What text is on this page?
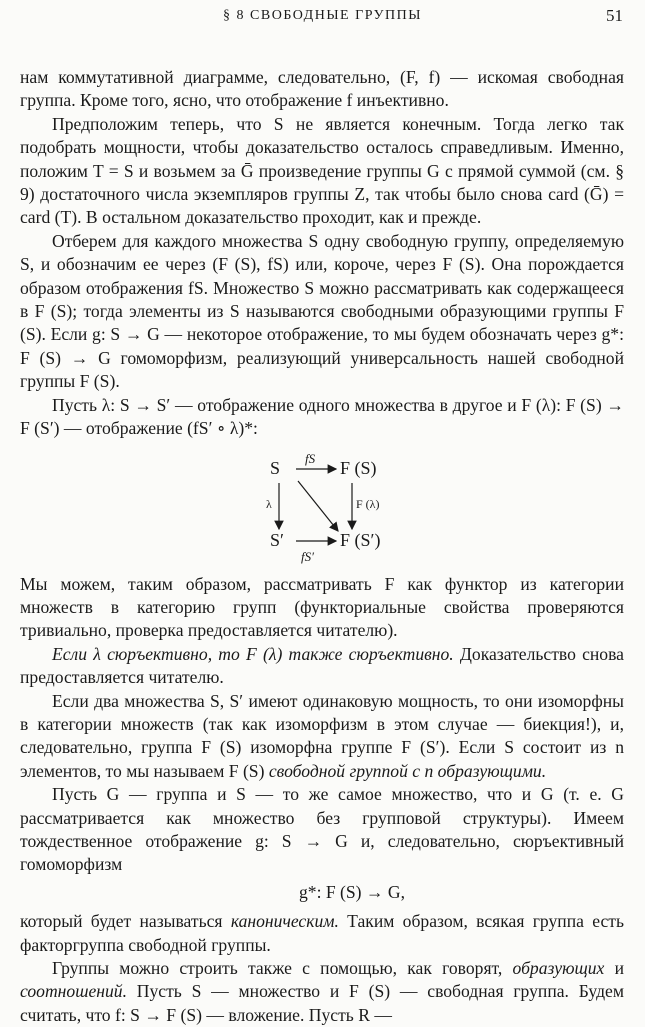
§ 8 СВОБОДНЫЕ ГРУППЫ	51

нам коммутативной диаграмме, следовательно, (F, f) — искомая свободная группа. Кроме того, ясно, что отображение f инъективно.

Предположим теперь, что S не является конечным. Тогда легко так подобрать мощности, чтобы доказательство осталось справедливым. Именно, положим T = S и возьмем за Ḡ произведение группы G с прямой суммой (см. § 9) достаточного числа экземпляров группы Z, так чтобы было снова card (Ḡ) = card (T). В остальном доказательство проходит, как и прежде.

Отберем для каждого множества S одну свободную группу, определяемую S, и обозначим ее через (F (S), fS) или, короче, через F (S). Она порождается образом отображения fS. Множество S можно рассматривать как содержащееся в F (S); тогда элементы из S называются свободными образующими группы F (S). Если g: S → G — некоторое отображение, то мы будем обозначать через g*: F (S) → G гомоморфизм, реализующий универсальность нашей свободной группы F (S).

Пусть λ: S → S′ — отображение одного множества в другое и F (λ): F (S) → F (S′) — отображение (fS′ ∘ λ)*:

S	F (S)
S′	F (S′)
fS
fS′
λ	F (λ)

Мы можем, таким образом, рассматривать F как функтор из категории множеств в категорию групп (функториальные свойства проверяются тривиально, проверка предоставляется читателю).

Если λ сюръективно, то F (λ) также сюръективно. Доказательство снова предоставляется читателю.

Если два множества S, S′ имеют одинаковую мощность, то они изоморфны в категории множеств (так как изоморфизм в этом случае — биекция!), и, следовательно, группа F (S) изоморфна группе F (S′). Если S состоит из n элементов, то мы называем F (S) свободной группой с n образующими.

Пусть G — группа и S — то же самое множество, что и G (т. е. G рассматривается как множество без групповой структуры). Имеем тождественное отображение g: S → G и, следовательно, сюръективный гомоморфизм

g*: F (S) → G,

который будет называться каноническим. Таким образом, всякая группа есть факторгруппа свободной группы.

Группы можно строить также с помощью, как говорят, образующих и соотношений. Пусть S — множество и F (S) — свободная группа. Будем считать, что f: S → F (S) — вложение. Пусть R —
